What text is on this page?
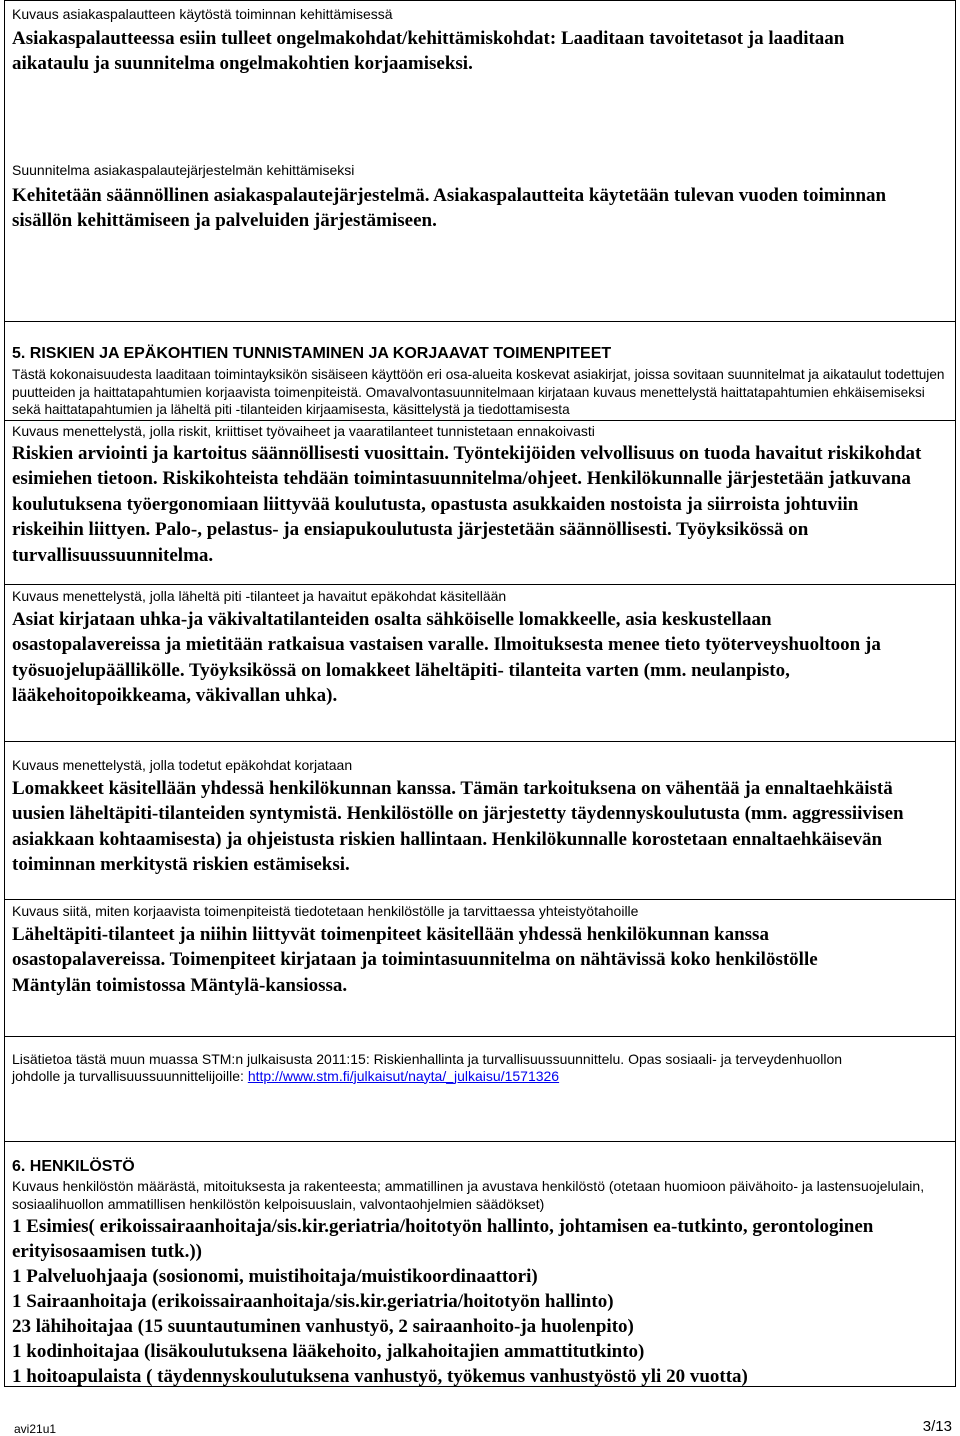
Kuvaus asiakaspalautteen käytöstä toiminnan kehittämisessä
Asiakaspalautteessa esiin tulleet ongelmakohdat/kehittämiskohdat: Laaditaan tavoitetasot ja laaditaan aikataulu ja suunnitelma ongelmakohtien korjaamiseksi.
Suunnitelma asiakaspalautejärjestelmän kehittämiseksi
Kehitetään säännöllinen asiakaspalautejärjestelmä. Asiakaspalautteita käytetään tulevan vuoden toiminnan sisällön kehittämiseen ja palveluiden järjestämiseen.
5. RISKIEN JA EPÄKOHTIEN TUNNISTAMINEN JA KORJAAVAT TOIMENPITEET
Tästä kokonaisuudesta laaditaan toimintayksikön sisäiseen käyttöön eri osa-alueita koskevat asiakirjat, joissa sovitaan suunnitelmat ja aikataulut todettujen puutteiden ja haittatapahtumien korjaavista toimenpiteistä. Omavalvontasuunnitelmaan kirjataan kuvaus menettelystä haittatapahtumien ehkäisemiseksi sekä haittatapahtumien ja läheltä piti -tilanteiden kirjaamisesta, käsittelystä ja tiedottamisesta
Kuvaus menettelystä, jolla riskit, kriittiset työvaiheet ja vaaratilanteet tunnistetaan ennakoivasti
Riskien arviointi ja kartoitus säännöllisesti vuosittain. Työntekijöiden velvollisuus on tuoda havaitut riskikohdat esimiehen tietoon. Riskikohteista tehdään toimintasuunnitelma/ohjeet. Henkilökunnalle järjestetään jatkuvana koulutuksena työergonomiaan liittyvää koulutusta, opastusta asukkaiden nostoista ja siirroista johtuviin riskeihin liittyen. Palo-, pelastus- ja ensiapukoulutusta järjestetään säännöllisesti. Työyksikössä on turvallisuussuunnitelma.
Kuvaus menettelystä, jolla läheltä piti -tilanteet ja havaitut epäkohdat käsitellään
Asiat kirjataan uhka-ja väkivaltatilanteiden osalta sähköiselle lomakkeelle, asia keskustellaan osastopalavereissa ja mietitään ratkaisua vastaisen varalle. Ilmoituksesta menee tieto työterveyshuoltoon ja työsuojelupäällikölle. Työyksikössä on lomakkeet läheltäpiti- tilanteita varten (mm. neulanpisto, lääkehoitopoikkeama, väkivallan uhka).
Kuvaus menettelystä, jolla todetut epäkohdat korjataan
Lomakkeet käsitellään yhdessä henkilökunnan kanssa. Tämän tarkoituksena on vähentää ja ennaltaehkäistä uusien läheltäpiti-tilanteiden syntymistä. Henkilöstölle on järjestetty täydennyskoulutusta (mm. aggressiivisen asiakkaan kohtaamisesta) ja ohjeistusta riskien hallintaan. Henkilökunnalle korostetaan ennaltaehkäisevän toiminnan merkitystä riskien estämiseksi.
Kuvaus siitä, miten korjaavista toimenpiteistä tiedotetaan henkilöstölle ja tarvittaessa yhteistyötahoille
Läheltäpiti-tilanteet ja niihin liittyvät toimenpiteet käsitellään yhdessä henkilökunnan kanssa osastopalavereissa. Toimenpiteet kirjataan ja toimintasuunnitelma on nähtävissä koko henkilöstölle Mäntylän toimistossa Mäntylä-kansiossa.
Lisätietoa tästä muun muassa STM:n julkaisusta 2011:15: Riskienhallinta ja turvallisuussuunnittelu. Opas sosiaali- ja terveydenhuollon johdolle ja turvallisuussuunnittelijoille: http://www.stm.fi/julkaisut/nayta/_julkaisu/1571326
6. HENKILÖSTÖ
Kuvaus henkilöstön määrästä, mitoituksesta ja rakenteesta; ammatillinen ja avustava henkilöstö (otetaan huomioon päivähoito- ja lastensuojelulain, sosiaalihuollon ammatillisen henkilöstön kelpoisuuslain, valvontaohjelmien säädökset)
1 Esimies( erikoissairaanhoitaja/sis.kir.geriatria/hoitotyön hallinto, johtamisen ea-tutkinto, gerontologinen erityisosaamisen tutk.))
1 Palveluohjaaja (sosionomi, muistihoitaja/muistikoordinaattori)
1 Sairaanhoitaja (erikoissairaanhoitaja/sis.kir.geriatria/hoitotyön hallinto)
23 lähihoitajaa (15 suuntautuminen vanhustyö, 2 sairaanhoito-ja huolenpito)
1 kodinhoitajaa (lisäkoulutuksena lääkehoito, jalkahoitajien ammattitutkinto)
1 hoitoapulaista ( täydennyskoulutuksena vanhustyö, työkemus vanhustyöstö yli 20 vuotta)
avi21u1	3/13
